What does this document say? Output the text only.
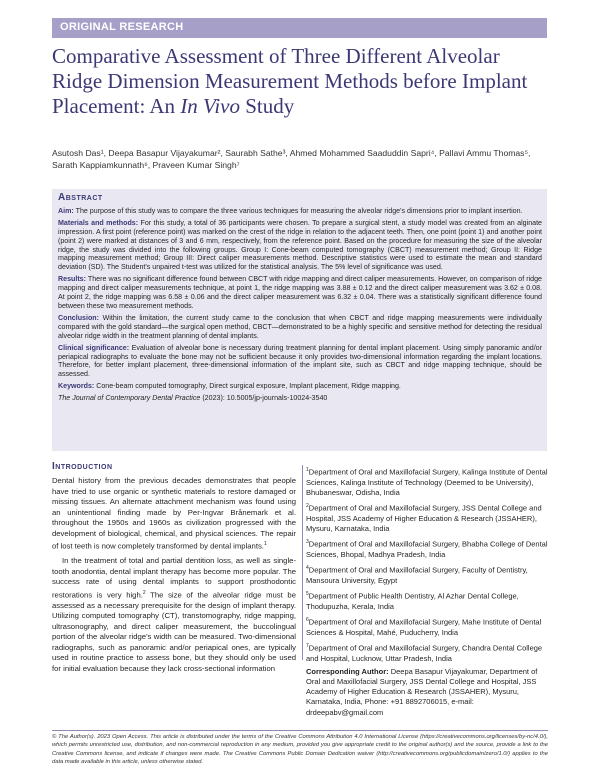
ORIGINAL RESEARCH
Comparative Assessment of Three Different Alveolar Ridge Dimension Measurement Methods before Implant Placement: An In Vivo Study
Asutosh Das¹, Deepa Basapur Vijayakumar², Saurabh Sathe³, Ahmed Mohammed Saaduddin Sapri⁴, Pallavi Ammu Thomas⁵, Sarath Kappiamkunnath⁶, Praveen Kumar Singh⁷
Abstract

Aim: The purpose of this study was to compare the three various techniques for measuring the alveolar ridge's dimensions prior to implant insertion.

Materials and methods: For this study, a total of 36 participants were chosen. To prepare a surgical stent, a study model was created from an alginate impression. A first point (reference point) was marked on the crest of the ridge in relation to the adjacent teeth. Then, one point (point 1) and another point (point 2) were marked at distances of 3 and 6 mm, respectively, from the reference point. Based on the procedure for measuring the size of the alveolar ridge, the study was divided into the following groups. Group I: Cone-beam computed tomography (CBCT) measurement method; Group II: Ridge mapping measurement method; Group III: Direct caliper measurements method. Descriptive statistics were used to estimate the mean and standard deviation (SD). The Student's unpaired t-test was utilized for the statistical analysis. The 5% level of significance was used.

Results: There was no significant difference found between CBCT with ridge mapping and direct caliper measurements. However, on comparison of ridge mapping and direct caliper measurements technique, at point 1, the ridge mapping was 3.88 ± 0.12 and the direct caliper measurement was 3.62 ± 0.08. At point 2, the ridge mapping was 6.58 ± 0.06 and the direct caliper measurement was 6.32 ± 0.04. There was a statistically significant difference found between these two measurement methods.

Conclusion: Within the limitation, the current study came to the conclusion that when CBCT and ridge mapping measurements were individually compared with the gold standard—the surgical open method, CBCT—demonstrated to be a highly specific and sensitive method for detecting the residual alveolar ridge width in the treatment planning of dental implants.

Clinical significance: Evaluation of alveolar bone is necessary during treatment planning for dental implant placement. Using simply panoramic and/or periapical radiographs to evaluate the bone may not be sufficient because it only provides two-dimensional information regarding the implant locations. Therefore, for better implant placement, three-dimensional information of the implant site, such as CBCT and ridge mapping technique, should be assessed.

Keywords: Cone-beam computed tomography, Direct surgical exposure, Implant placement, Ridge mapping.

The Journal of Contemporary Dental Practice (2023): 10.5005/jp-journals-10024-3540

Introduction

Dental history from the previous decades demonstrates that people have tried to use organic or synthetic materials to restore damaged or missing tissues. An alternate attachment mechanism was found using an unintentional finding made by Per-Ingvar Brånemark et al. throughout the 1950s and 1960s as civilization progressed with the development of biological, chemical, and physical sciences. The repair of lost teeth is now completely transformed by dental implants.$^1$

In the treatment of total and partial dentition loss, as well as single-tooth anodontia, dental implant therapy has become more popular. The success rate of using dental implants to support prosthodontic restorations is very high.$^2$ The size of the alveolar ridge must be assessed as a necessary prerequisite for the design of implant therapy. Utilizing computed tomography (CT), transtomography, ridge mapping, ultrasonography, and direct caliper measurement, the buccolingual portion of the alveolar ridge's width can be measured. Two-dimensional radiographs, such as panoramic and/or periapical ones, are typically used in routine practice to assess bone, but they should only be used for initial evaluation because they lack cross-sectional information

$^1$Department of Oral and Maxillofacial Surgery, Kalinga Institute of Dental Sciences, Kalinga Institute of Technology (Deemed to be University), Bhubaneswar, Odisha, India

$^2$Department of Oral and Maxillofacial Surgery, JSS Dental College and Hospital, JSS Academy of Higher Education & Research (JSSAHER), Mysuru, Karnataka, India

$^3$Department of Oral and Maxillofacial Surgery, Bhabha College of Dental Sciences, Bhopal, Madhya Pradesh, India

$^4$Department of Oral and Maxillofacial Surgery, Faculty of Dentistry, Mansoura University, Egypt

$^5$Department of Public Health Dentistry, Al Azhar Dental College, Thodupuzha, Kerala, India

$^6$Department of Oral and Maxillofacial Surgery, Mahe Institute of Dental Sciences & Hospital, Mahé, Puducherry, India

$^7$Department of Oral and Maxillofacial Surgery, Chandra Dental College and Hospital, Lucknow, Uttar Pradesh, India

Corresponding Author: Deepa Basapur Vijayakumar, Department of Oral and Maxillofacial Surgery, JSS Dental College and Hospital, JSS Academy of Higher Education & Research (JSSAHER), Mysuru, Karnataka, India, Phone: +91 8892706015, e-mail: drdeepabv@gmail.com

© The Author(s). 2023 Open Access. This article is distributed under the terms of the Creative Commons Attribution 4.0 International License (https://creativecommons.org/licenses/by-nc/4.0/), which permits unrestricted use, distribution, and non-commercial reproduction in any medium, provided you give appropriate credit to the original author(s) and the source, provide a link to the Creative Commons license, and indicate if changes were made. The Creative Commons Public Domain Dedication waiver (http://creativecommons.org/publicdomain/zero/1.0/) applies to the data made available in this article, unless otherwise stated.
